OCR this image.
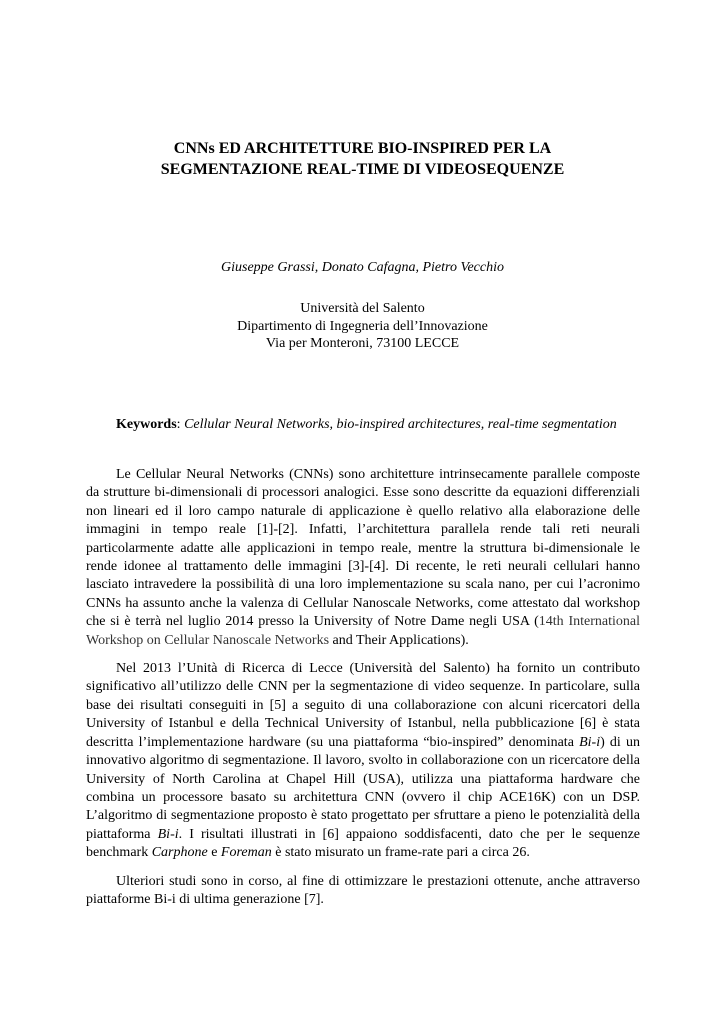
CNNs ED ARCHITETTURE BIO-INSPIRED PER LA
SEGMENTAZIONE REAL-TIME DI VIDEOSEQUENZE
Giuseppe Grassi, Donato Cafagna, Pietro Vecchio
Università del Salento
Dipartimento di Ingegneria dell’Innovazione
Via per Monteroni, 73100 LECCE
Keywords: Cellular Neural Networks, bio-inspired architectures, real-time segmentation

Le Cellular Neural Networks (CNNs) sono architetture intrinsecamente parallele composte da strutture bi-dimensionali di processori analogici. Esse sono descritte da equazioni differenziali non lineari ed il loro campo naturale di applicazione è quello relativo alla elaborazione delle immagini in tempo reale [1]-[2]. Infatti, l’architettura parallela rende tali reti neurali particolarmente adatte alle applicazioni in tempo reale, mentre la struttura bi-dimensionale le rende idonee al trattamento delle immagini [3]-[4]. Di recente, le reti neurali cellulari hanno lasciato intravedere la possibilità di una loro implementazione su scala nano, per cui l’acronimo CNNs ha assunto anche la valenza di Cellular Nanoscale Networks, come attestato dal workshop che si è terrà nel luglio 2014 presso la University of Notre Dame negli USA (14th International Workshop on Cellular Nanoscale Networks and Their Applications).

Nel 2013 l’Unità di Ricerca di Lecce (Università del Salento) ha fornito un contributo significativo all’utilizzo delle CNN per la segmentazione di video sequenze. In particolare, sulla base dei risultati conseguiti in [5] a seguito di una collaborazione con alcuni ricercatori della University of Istanbul e della Technical University of Istanbul, nella pubblicazione [6] è stata descritta l’implementazione hardware (su una piattaforma “bio-inspired” denominata Bi-i) di un innovativo algoritmo di segmentazione. Il lavoro, svolto in collaborazione con un ricercatore della University of North Carolina at Chapel Hill (USA), utilizza una piattaforma hardware che combina un processore basato su architettura CNN (ovvero il chip ACE16K) con un DSP. L’algoritmo di segmentazione proposto è stato progettato per sfruttare a pieno le potenzialità della piattaforma Bi-i. I risultati illustrati in [6] appaiono soddisfacenti, dato che per le sequenze benchmark Carphone e Foreman è stato misurato un frame-rate pari a circa 26.

Ulteriori studi sono in corso, al fine di ottimizzare le prestazioni ottenute, anche attraverso piattaforme Bi-i di ultima generazione [7].
